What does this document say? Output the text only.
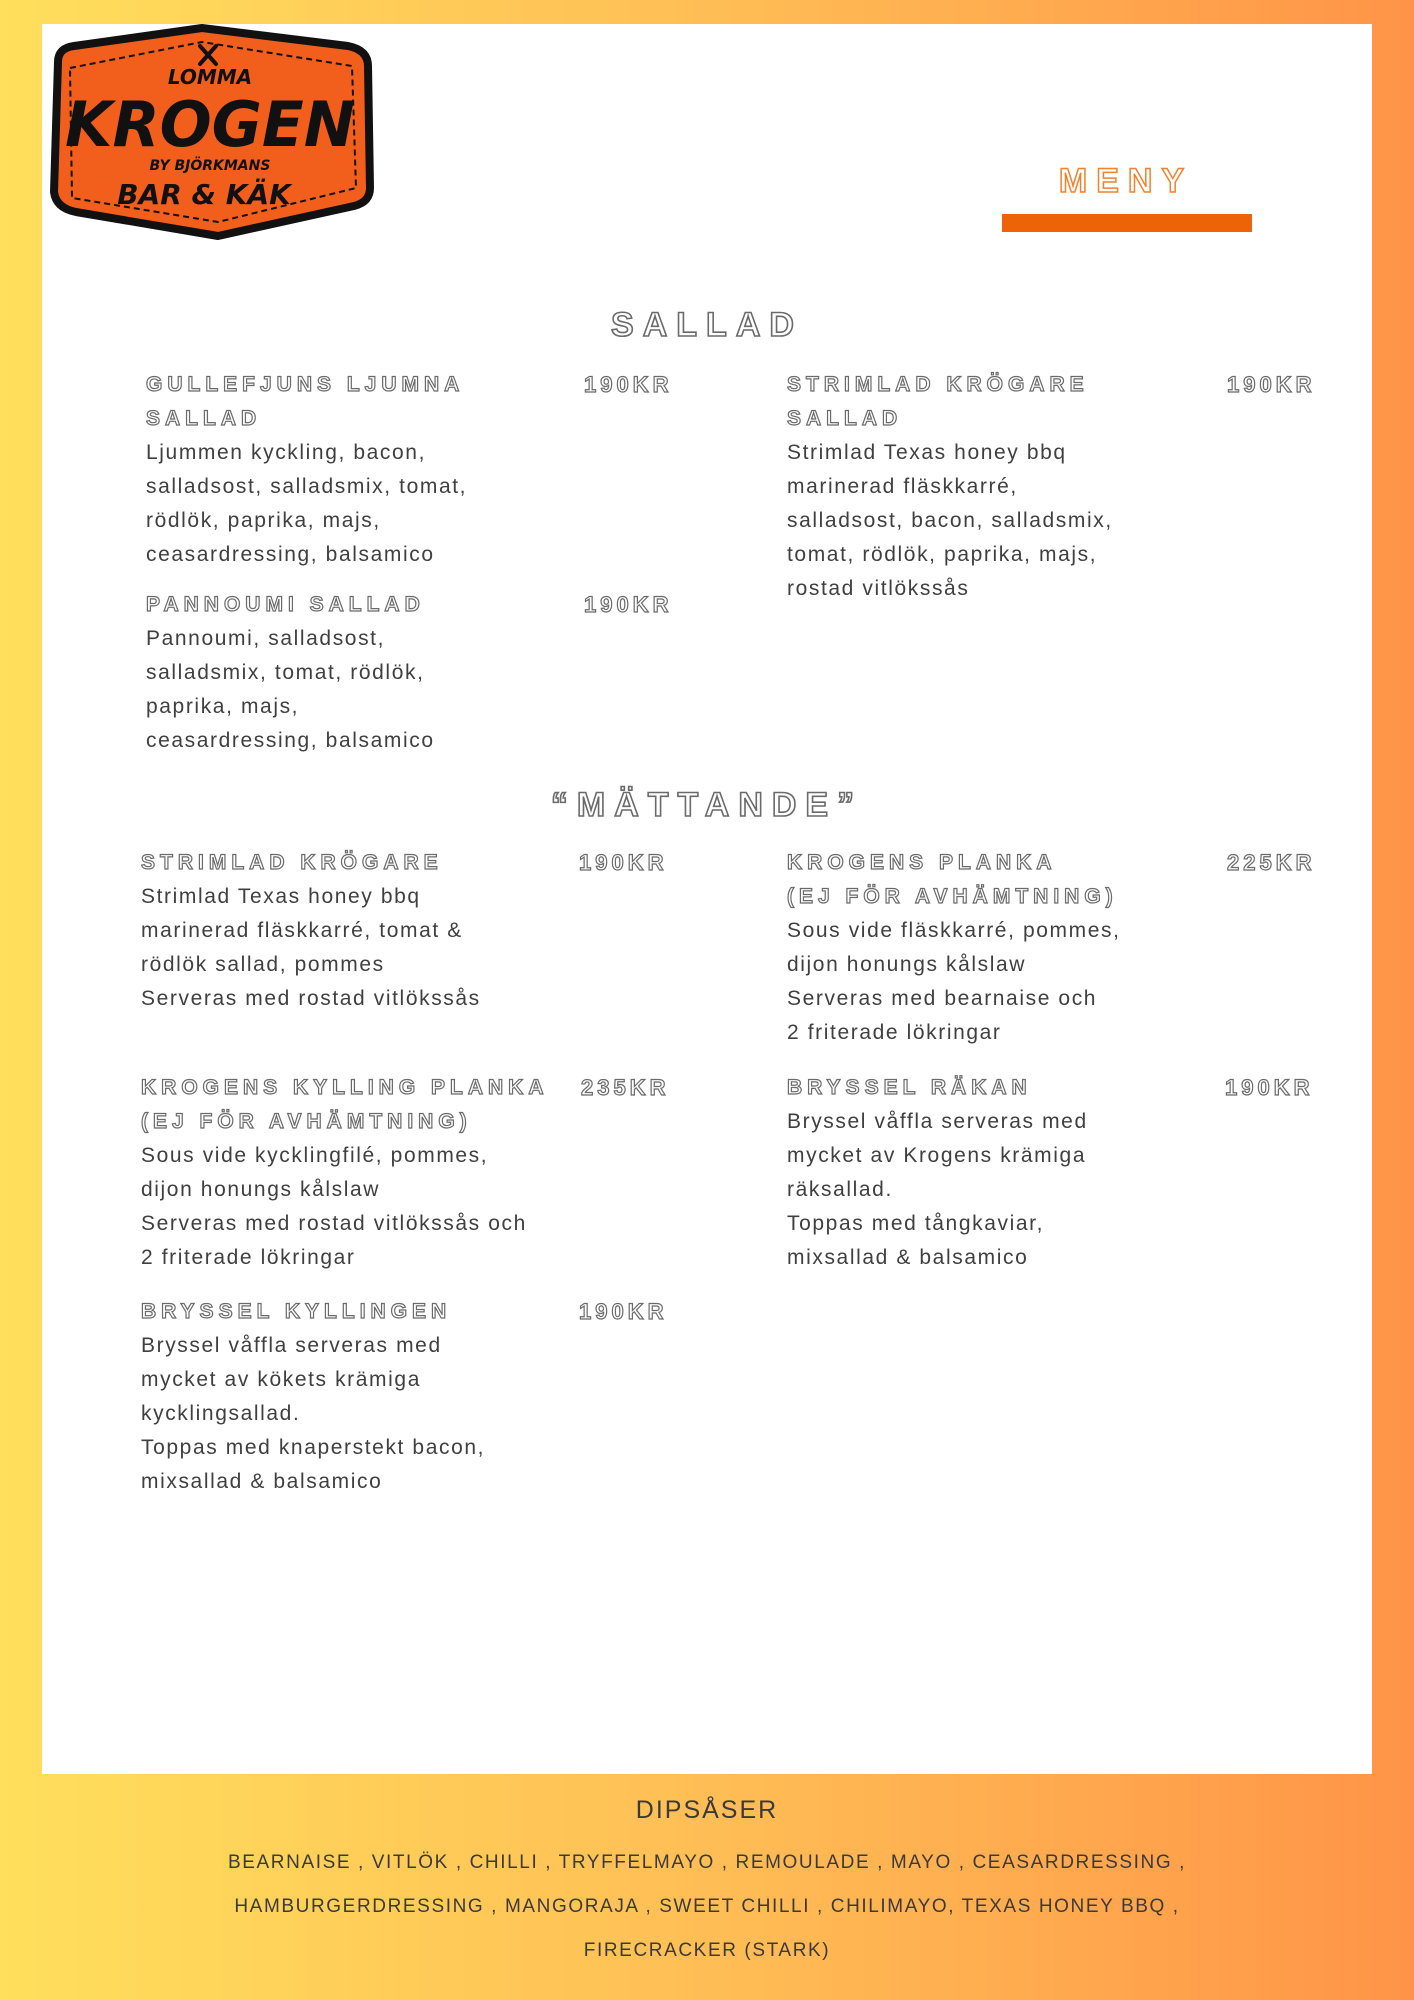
LOMMA
KROGEN
BY BJÖRKMANS
BAR & KÄK	MENY
SALLAD
GULLEFJUNS LJUMNA
SALLAD
190KR
Ljummen kyckling, bacon,
salladsost, salladsmix, tomat,
rödlök, paprika, majs,
ceasardressing, balsamico
STRIMLAD KRÖGARE
SALLAD
190KR
Strimlad Texas honey bbq
marinerad fläskkarré,
salladsost, bacon, salladsmix,
tomat, rödlök, paprika, majs,
rostad vitlökssås
PANNOUMI SALLAD	190KR
Pannoumi, salladsost,
salladsmix, tomat, rödlök,
paprika, majs,
ceasardressing, balsamico
“MÄTTANDE”
STRIMLAD KRÖGARE	190KR
Strimlad Texas honey bbq
marinerad fläskkarré, tomat &
rödlök sallad, pommes
Serveras med rostad vitlökssås
KROGENS PLANKA
(EJ FÖR AVHÄMTNING)
225KR
Sous vide fläskkarré, pommes,
dijon honungs kålslaw
Serveras med bearnaise och
2 friterade lökringar
KROGENS KYLLING PLANKA
(EJ FÖR AVHÄMTNING)
235KR
Sous vide kycklingfilé, pommes,
dijon honungs kålslaw
Serveras med rostad vitlökssås och
2 friterade lökringar
BRYSSEL RÄKAN	190KR
Bryssel våffla serveras med
mycket av Krogens krämiga
räksallad.
Toppas med tångkaviar,
mixsallad & balsamico
BRYSSEL KYLLINGEN	190KR
Bryssel våffla serveras med
mycket av kökets krämiga
kycklingsallad.
Toppas med knaperstekt bacon,
mixsallad & balsamico
DIPSÅSER
BEARNAISE , VITLÖK , CHILLI , TRYFFELMAYO , REMOULADE , MAYO , CEASARDRESSING ,
HAMBURGERDRESSING , MANGORAJA , SWEET CHILLI , CHILIMAYO, TEXAS HONEY BBQ ,
FIRECRACKER (STARK)
